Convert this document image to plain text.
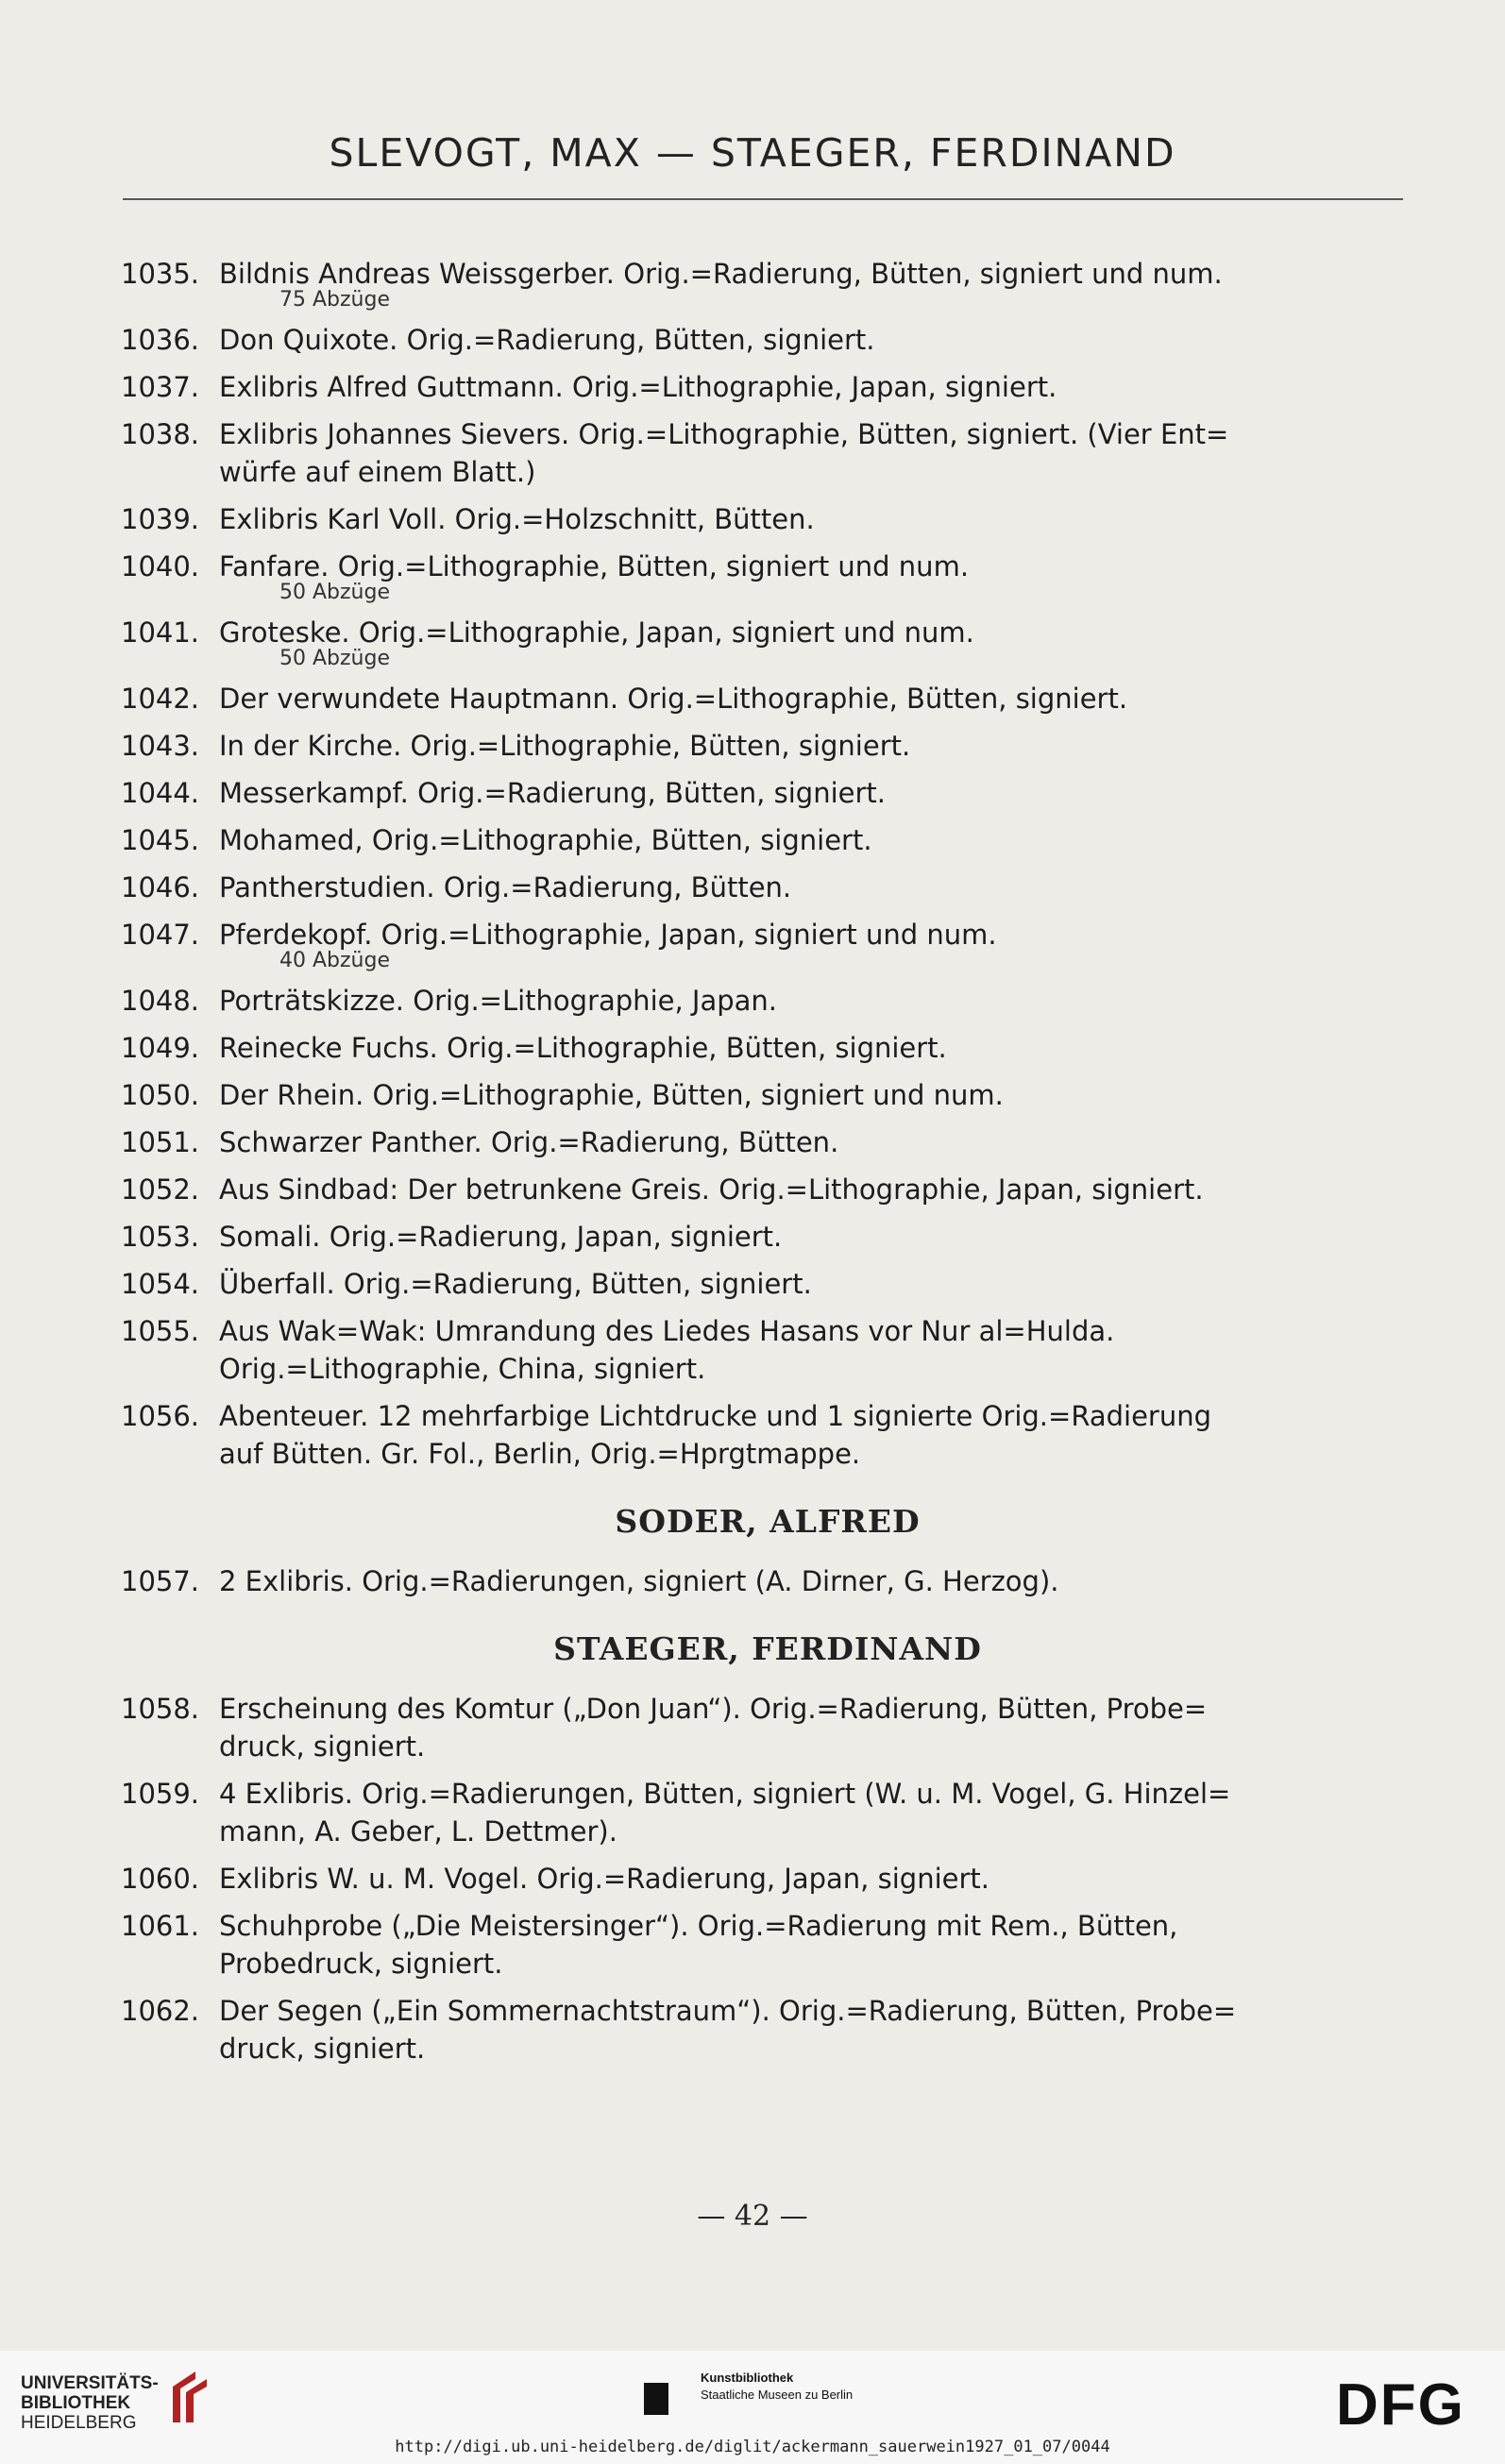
SLEVOGT, MAX — STAEGER, FERDINAND
1035. Bildnis Andreas Weissgerber. Orig.=Radierung, Bütten, signiert und num.
75 Abzüge
1036. Don Quixote. Orig.=Radierung, Bütten, signiert.
1037. Exlibris Alfred Guttmann. Orig.=Lithographie, Japan, signiert.
1038. Exlibris Johannes Sievers. Orig.=Lithographie, Bütten, signiert. (Vier Ent=
würfe auf einem Blatt.)
1039. Exlibris Karl Voll. Orig.=Holzschnitt, Bütten.
1040. Fanfare. Orig.=Lithographie, Bütten, signiert und num.
50 Abzüge
1041. Groteske. Orig.=Lithographie, Japan, signiert und num.
50 Abzüge
1042. Der verwundete Hauptmann. Orig.=Lithographie, Bütten, signiert.
1043. In der Kirche. Orig.=Lithographie, Bütten, signiert.
1044. Messerkampf. Orig.=Radierung, Bütten, signiert.
1045. Mohamed, Orig.=Lithographie, Bütten, signiert.
1046. Pantherstudien. Orig.=Radierung, Bütten.
1047. Pferdekopf. Orig.=Lithographie, Japan, signiert und num.
40 Abzüge
1048. Porträtskizze. Orig.=Lithographie, Japan.
1049. Reinecke Fuchs. Orig.=Lithographie, Bütten, signiert.
1050. Der Rhein. Orig.=Lithographie, Bütten, signiert und num.
1051. Schwarzer Panther. Orig.=Radierung, Bütten.
1052. Aus Sindbad: Der betrunkene Greis. Orig.=Lithographie, Japan, signiert.
1053. Somali. Orig.=Radierung, Japan, signiert.
1054. Überfall. Orig.=Radierung, Bütten, signiert.
1055. Aus Wak=Wak: Umrandung des Liedes Hasans vor Nur al=Hulda.
Orig.=Lithographie, China, signiert.
1056. Abenteuer. 12 mehrfarbige Lichtdrucke und 1 signierte Orig.=Radierung
auf Bütten. Gr. Fol., Berlin, Orig.=Hprgtmappe.
SODER, ALFRED
1057. 2 Exlibris. Orig.=Radierungen, signiert (A. Dirner, G. Herzog).
STAEGER, FERDINAND
1058. Erscheinung des Komtur („Don Juan“). Orig.=Radierung, Bütten, Probe=
druck, signiert.
1059. 4 Exlibris. Orig.=Radierungen, Bütten, signiert (W. u. M. Vogel, G. Hinzel=
mann, A. Geber, L. Dettmer).
1060. Exlibris W. u. M. Vogel. Orig.=Radierung, Japan, signiert.
1061. Schuhprobe („Die Meistersinger“). Orig.=Radierung mit Rem., Bütten,
Probedruck, signiert.
1062. Der Segen („Ein Sommernachtstraum“). Orig.=Radierung, Bütten, Probe=
druck, signiert.
— 42 —
UNIVERSITÄTS-
BIBLIOTHEK
HEIDELBERG
Kunstbibliothek
Staatliche Museen zu Berlin	DFG
http://digi.ub.uni-heidelberg.de/diglit/ackermann_sauerwein1927_01_07/0044
